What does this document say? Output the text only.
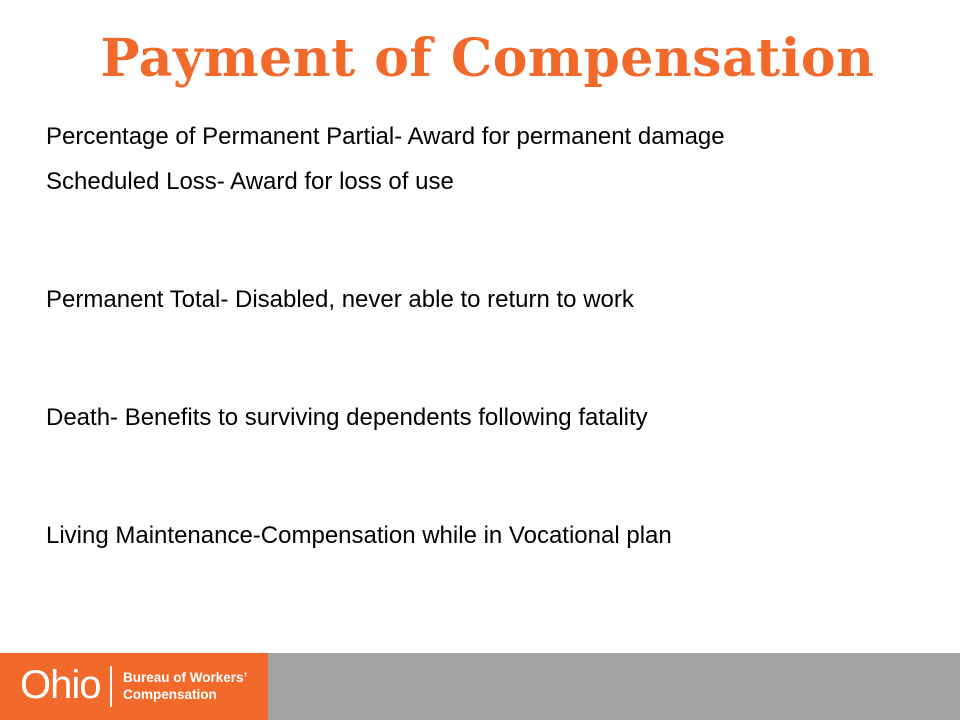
Payment of Compensation
Percentage of Permanent Partial- Award for permanent damage
Scheduled Loss- Award for loss of use
Permanent Total- Disabled, never able to return to work
Death- Benefits to surviving dependents following fatality
Living Maintenance-Compensation while in Vocational plan
Ohio Bureau of Workers’
Compensation
